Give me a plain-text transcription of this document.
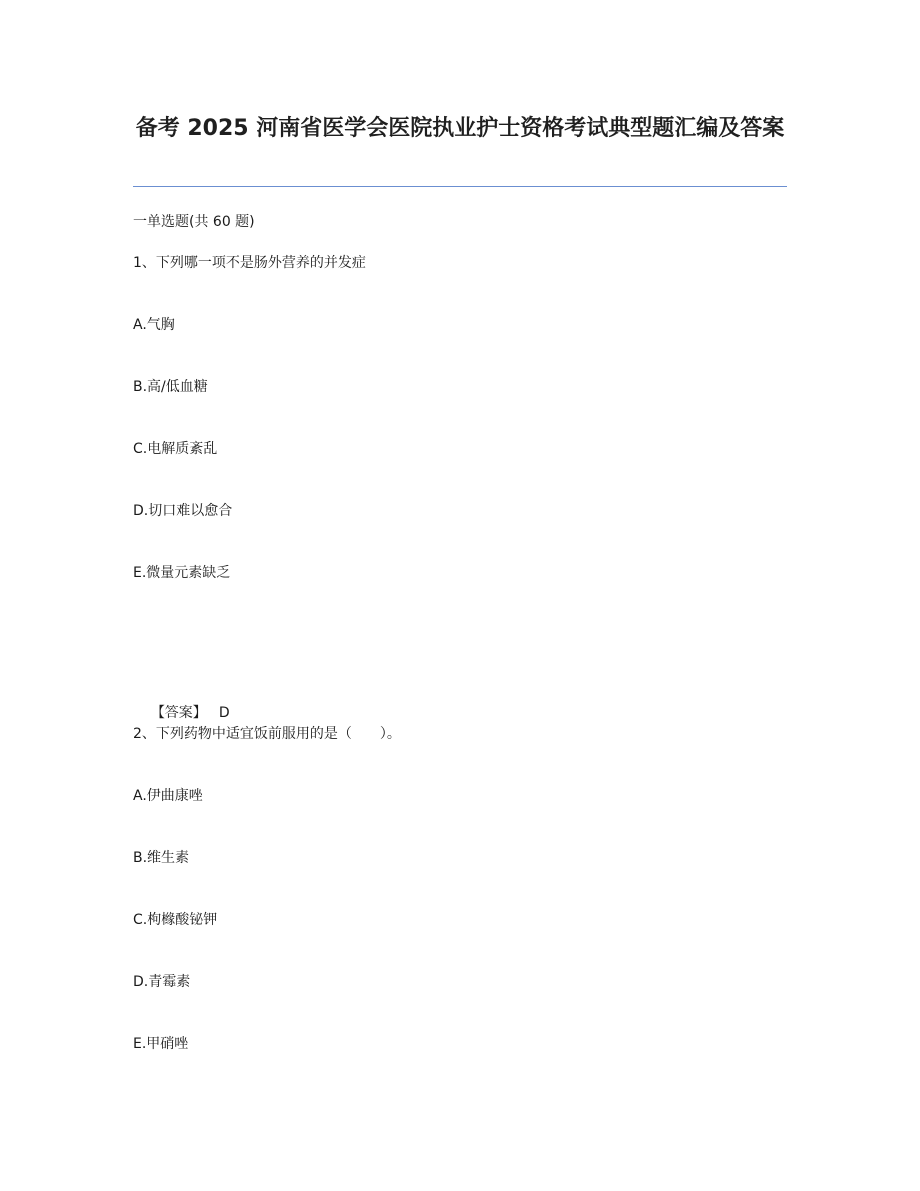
备考 2025 河南省医学会医院执业护士资格考试典型题汇编及答案
一单选题(共 60 题)
1、下列哪一项不是肠外营养的并发症
A.气胸
B.高/低血糖
C.电解质紊乱
D.切口难以愈合
E.微量元素缺乏

【答案】 D

2、下列药物中适宜饭前服用的是（　　）。
A.伊曲康唑
B.维生素
C.枸橼酸铋钾
D.青霉素
E.甲硝唑
